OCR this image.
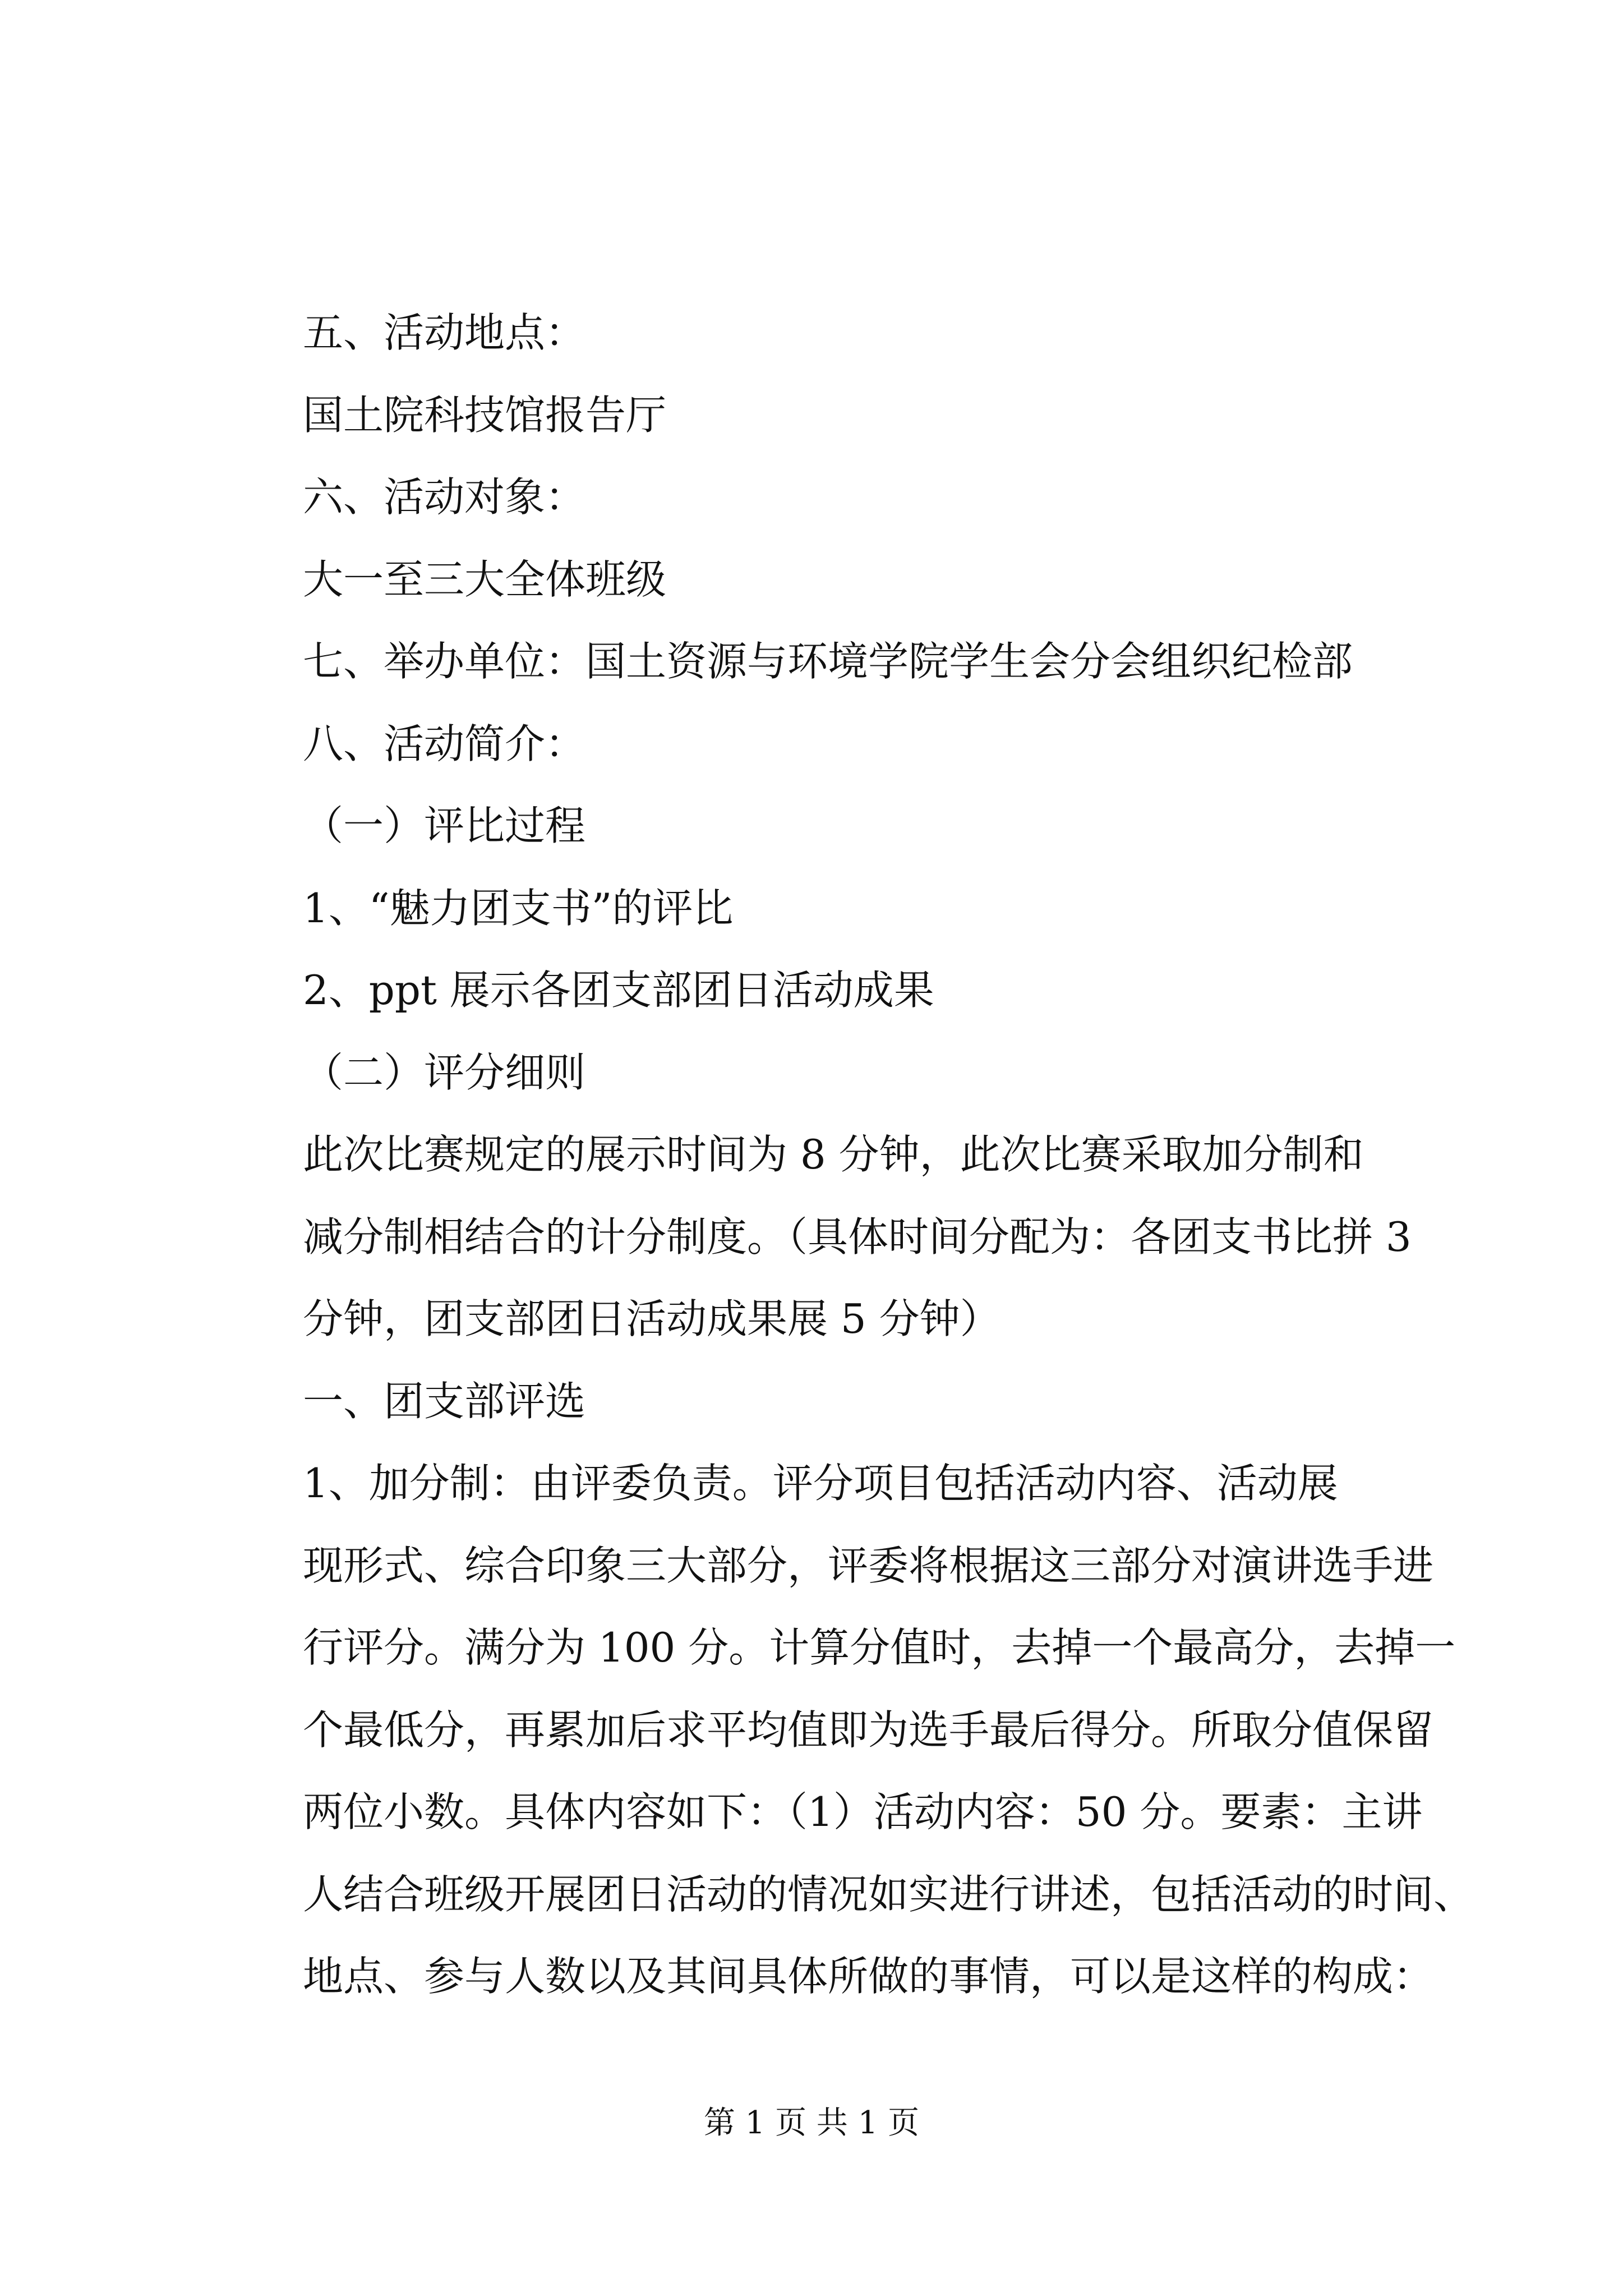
五、活动地点：

国土院科技馆报告厅

六、活动对象：

大一至三大全体班级

七、举办单位：国土资源与环境学院学生会分会组织纪检部

八、活动简介：

（一）评比过程

1、“魅力团支书”的评比

2、ppt 展示各团支部团日活动成果

（二）评分细则

此次比赛规定的展示时间为 8 分钟，此次比赛采取加分制和
减分制相结合的计分制度。（具体时间分配为：各团支书比拼 3
分钟，团支部团日活动成果展 5 分钟）

一、团支部评选

1、加分制：由评委负责。评分项目包括活动内容、活动展
现形式、综合印象三大部分，评委将根据这三部分对演讲选手进
行评分。满分为 100 分。计算分值时，去掉一个最高分，去掉一
个最低分，再累加后求平均值即为选手最后得分。所取分值保留
两位小数。具体内容如下：（1）活动内容：50 分。要素：主讲
人结合班级开展团日活动的情况如实进行讲述，包括活动的时间、
地点、参与人数以及其间具体所做的事情，可以是这样的构成：
第 1 页 共 1 页
